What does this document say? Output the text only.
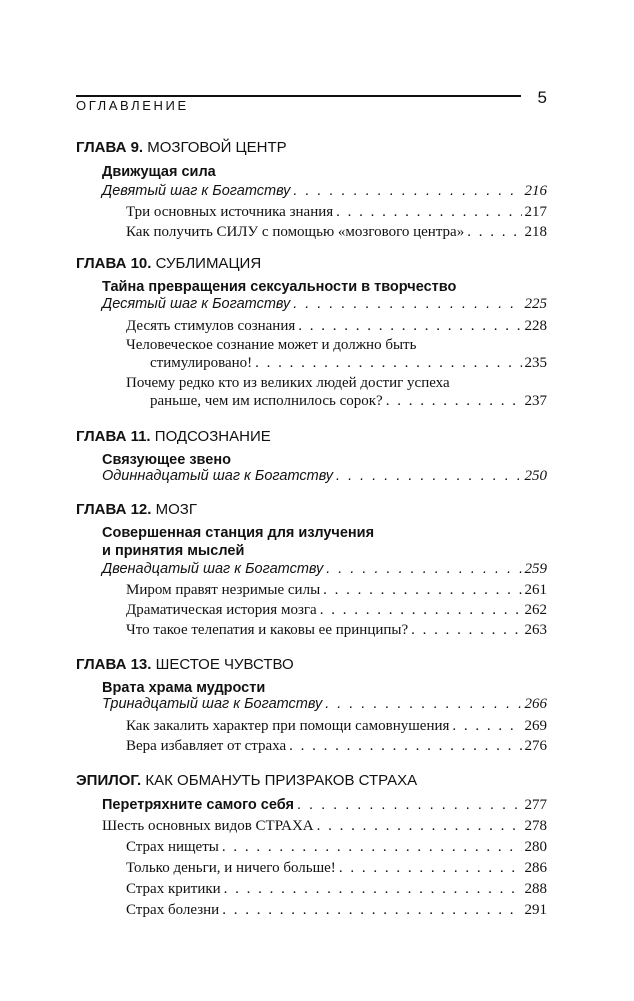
5
ОГЛАВЛЕНИЕ
ГЛАВА 9. МОЗГОВОЙ ЦЕНТР
Движущая сила
Девятый шаг к Богатству . . .	216
Три основных источника знания . . .	217
Как получить СИЛУ с помощью «мозгового центра» . . .	218
ГЛАВА 10. СУБЛИМАЦИЯ
Тайна превращения сексуальности в творчество
Десятый шаг к Богатству . . .	225
Десять стимулов сознания . . .	228
Человеческое сознание может и должно быть
стимулировано! . . .	235
Почему редко кто из великих людей достиг успеха
раньше, чем им исполнилось сорок? . . .	237
ГЛАВА 11. ПОДСОЗНАНИЕ
Связующее звено
Одиннадцатый шаг к Богатству . . .	250
ГЛАВА 12. МОЗГ
Совершенная станция для излучения
и принятия мыслей
Двенадцатый шаг к Богатству . . .	259
Миром правят незримые силы . . .	261
Драматическая история мозга . . .	262
Что такое телепатия и каковы ее принципы? . . .	263
ГЛАВА 13. ШЕСТОЕ ЧУВСТВО
Врата храма мудрости
Тринадцатый шаг к Богатству . . .	266
Как закалить характер при помощи самовнушения . . .	269
Вера избавляет от страха . . .	276
ЭПИЛОГ. КАК ОБМАНУТЬ ПРИЗРАКОВ СТРАХА
Перетряхните самого себя . . .	277
Шесть основных видов СТРАХА . . .	278
Страх нищеты . . .	280
Только деньги, и ничего больше! . . .	286
Страх критики . . .	288
Страх болезни . . .	291
